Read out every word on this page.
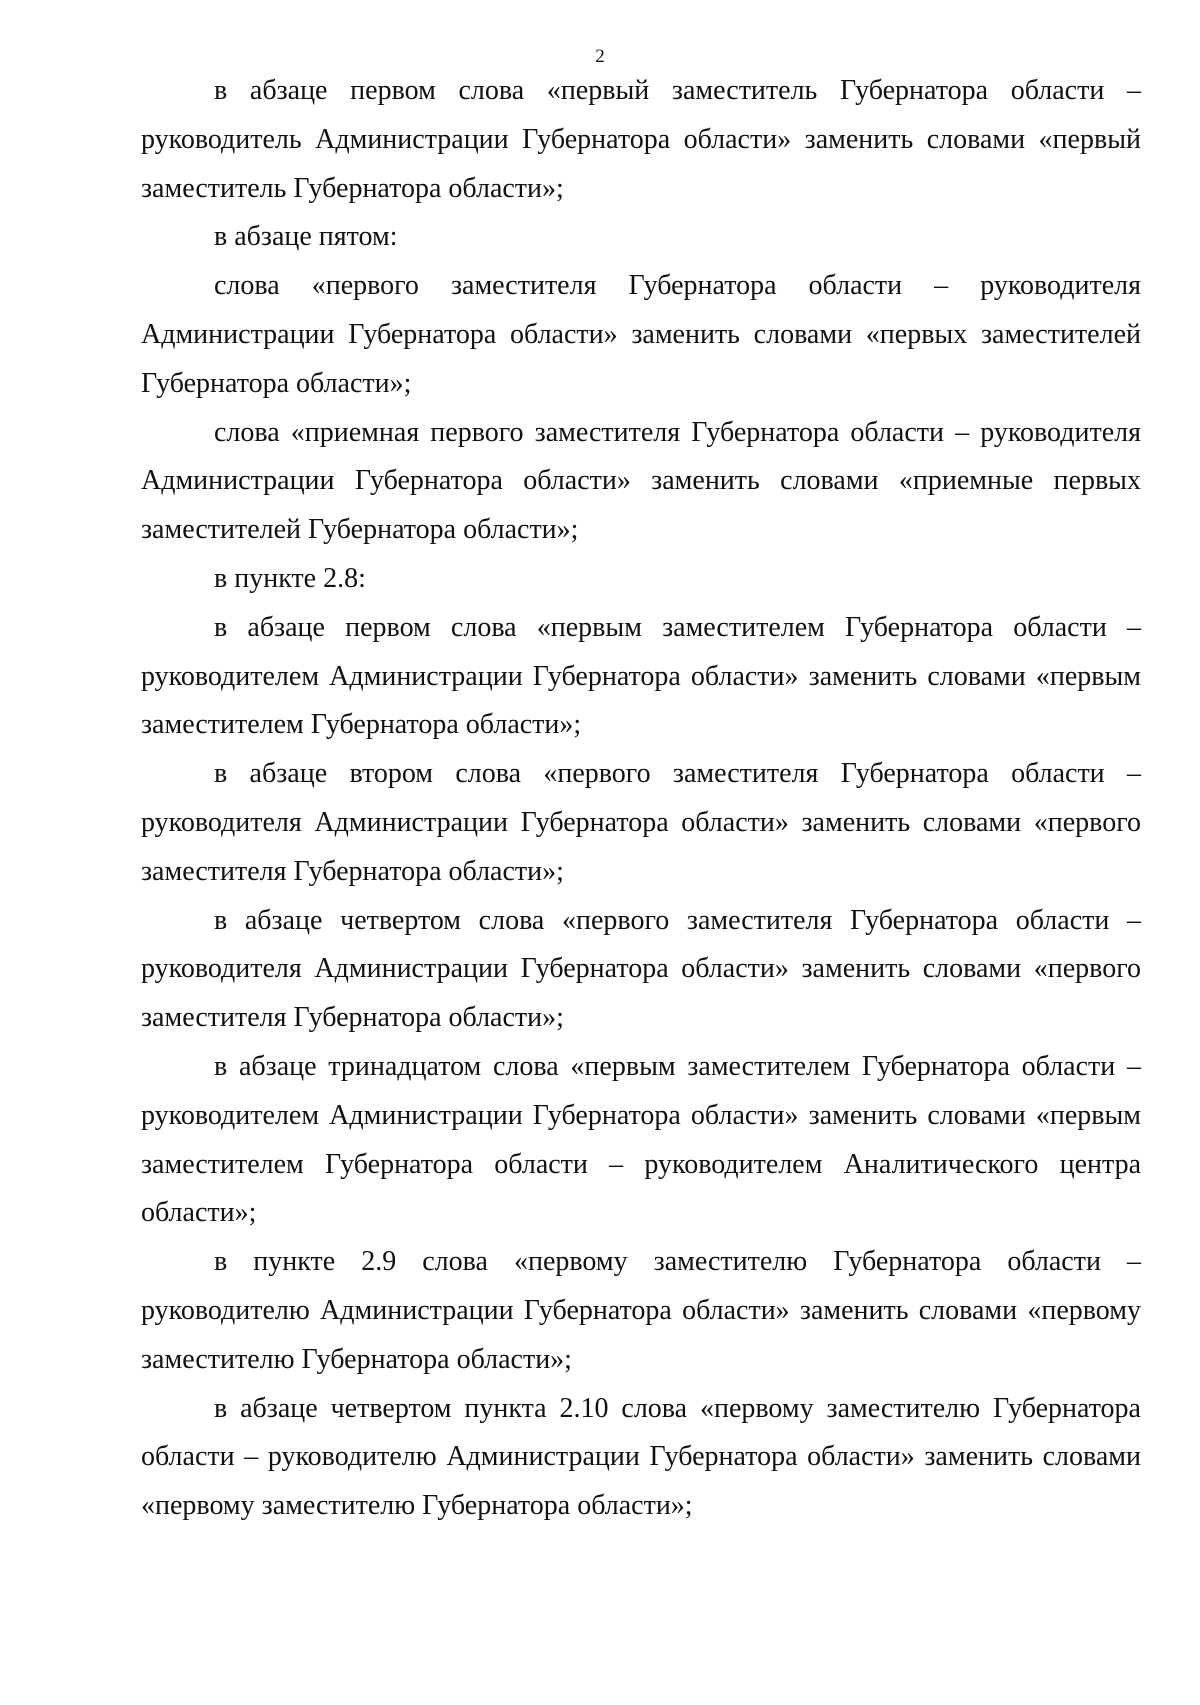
2

в абзаце первом слова «первый заместитель Губернатора области – руководитель Администрации Губернатора области» заменить словами «первый заместитель Губернатора области»;

в абзаце пятом:

слова «первого заместителя Губернатора области – руководителя Администрации Губернатора области» заменить словами «первых заместителей Губернатора области»;

слова «приемная первого заместителя Губернатора области – руководителя Администрации Губернатора области» заменить словами «приемные первых заместителей Губернатора области»;

в пункте 2.8:

в абзаце первом слова «первым заместителем Губернатора области – руководителем Администрации Губернатора области» заменить словами «первым заместителем Губернатора области»;

в абзаце втором слова «первого заместителя Губернатора области – руководителя Администрации Губернатора области» заменить словами «первого заместителя Губернатора области»;

в абзаце четвертом слова «первого заместителя Губернатора области – руководителя Администрации Губернатора области» заменить словами «первого заместителя Губернатора области»;

в абзаце тринадцатом слова «первым заместителем Губернатора области – руководителем Администрации Губернатора области» заменить словами «первым заместителем Губернатора области – руководителем Аналитического центра области»;

в пункте 2.9 слова «первому заместителю Губернатора области – руководителю Администрации Губернатора области» заменить словами «первому заместителю Губернатора области»;

в абзаце четвертом пункта 2.10 слова «первому заместителю Губернатора области – руководителю Администрации Губернатора области» заменить словами «первому заместителю Губернатора области»;
